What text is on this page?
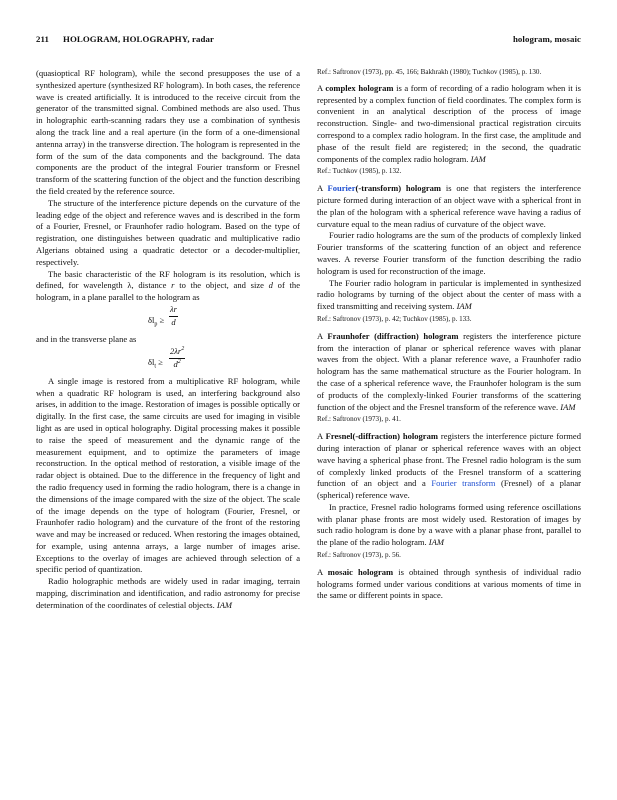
211 HOLOGRAM, HOLOGRAPHY, radar	hologram, mosaic

(quasioptical RF hologram), while the second presupposes the use of a synthesized aperture (synthesized RF hologram). In both cases, the reference wave is created artificially. It is introduced to the receive circuit from the generator of the transmitted signal. Combined methods are also used. Thus in holographic earth-scanning radars they use a combination of synthesis along the track line and a real aperture (in the form of a one-dimensional antenna array) in the transverse direction. The hologram is represented in the form of the sum of the data components and the background. The data components are the product of the integral Fourier transform or Fresnel transform of the scattering function of the object and the function describing the field created by the reference source.

The structure of the interference picture depends on the curvature of the leading edge of the object and reference waves and is described in the form of a Fourier, Fresnel, or Fraunhofer radio hologram. Based on the type of registration, one distinguishes between quadratic and multiplicative radio Algerians obtained using a quadratic detector or a decoder-multiplier, respectively.

The basic characteristic of the RF hologram is its resolution, which is defined, for wavelength λ, distance r to the object, and size d of the hologram, in a plane parallel to the hologram as

$\delta l_p \ge \frac{\lambda r}{d}$

and in the transverse plane as

$\delta l_t \ge \frac{2\lambda r^2}{d^2}$

A single image is restored from a multiplicative RF hologram, while when a quadratic RF hologram is used, an interfering background also arises, in addition to the image. Restoration of images is possible optically or digitally. In the first case, the same circuits are used for imaging in visible light as are used in optical holography. Digital processing makes it possible to raise the speed of measurement and the dynamic range of the measurement equipment, and to optimize the parameters of image reconstruction. In the optical method of restoration, a visible image of the radar object is obtained. Due to the difference in the frequency of light and the radio frequency used in forming the radio hologram, there is a change in the dimensions of the image compared with the size of the object. The scale of the image depends on the type of hologram (Fourier, Fresnel, or Fraunhofer radio hologram) and the curvature of the front of the restoring wave and may be increased or reduced. When restoring the images obtained, for example, using antenna arrays, a large number of images arise. Exceptions to the overlay of images are achieved through selection of a specific period of quantization.

Radio holographic methods are widely used in radar imaging, terrain mapping, discrimination and identification, and radio astronomy for precise determination of the coordinates of celestial objects. IAM

Ref.: Saftronov (1973), pp. 45, 166; Bakhrakh (1980); Tuchkov (1985), p. 130.

A complex hologram is a form of recording of a radio hologram when it is represented by a complex function of field coordinates. The complex form is convenient in an analytical description of the process of image reconstruction. Single- and two-dimensional practical registration circuits correspond to a complex radio hologram. In the first case, the amplitude and phase of the result field are registered; in the second, the quadratic components of the complex radio hologram. IAM

Ref.: Tuchkov (1985), p. 132.

A Fourier(-transform) hologram is one that registers the interference picture formed during interaction of an object wave with a spherical front in the plan of the hologram with a spherical reference wave having a radius of curvature equal to the mean radius of curvature of the object wave.

Fourier radio holograms are the sum of the products of complexly linked Fourier transforms of the scattering function of an object and reference waves. A reverse Fourier transform of the function describing the radio hologram is used for reconstruction of the image.

The Fourier radio hologram in particular is implemented in synthesized radio holograms by turning of the object about the center of mass with a fixed transmitting and receiving system. IAM

Ref.: Saftronov (1973), p. 42; Tuchkov (1985), p. 133.

A Fraunhofer (diffraction) hologram registers the interference picture from the interaction of planar or spherical reference waves with planar waves from the object. With a planar reference wave, a Fraunhofer radio hologram has the same mathematical structure as the Fourier hologram. In the case of a spherical reference wave, the Fraunhofer hologram is the sum of products of the complexly-linked Fourier transforms of the scattering function of the object and the Fresnel transform of the reference wave. IAM

Ref.: Saftronov (1973), p. 41.

A Fresnel(-diffraction) hologram registers the interference picture formed during interaction of planar or spherical reference waves with an object wave having a spherical phase front. The Fresnel radio hologram is the sum of complexly linked products of the Fresnel transform of a scattering function of an object and a Fourier transform (Fresnel) of a planar (spherical) reference wave.

In practice, Fresnel radio holograms formed using reference oscillations with planar phase fronts are most widely used. Restoration of images by such radio hologram is done by a wave with a planar phase front, parallel to the plane of the radio hologram. IAM

Ref.: Saftronov (1973), p. 56.

A mosaic hologram is obtained through synthesis of individual radio holograms formed under various conditions at various moments of time in the same or different points in space.
